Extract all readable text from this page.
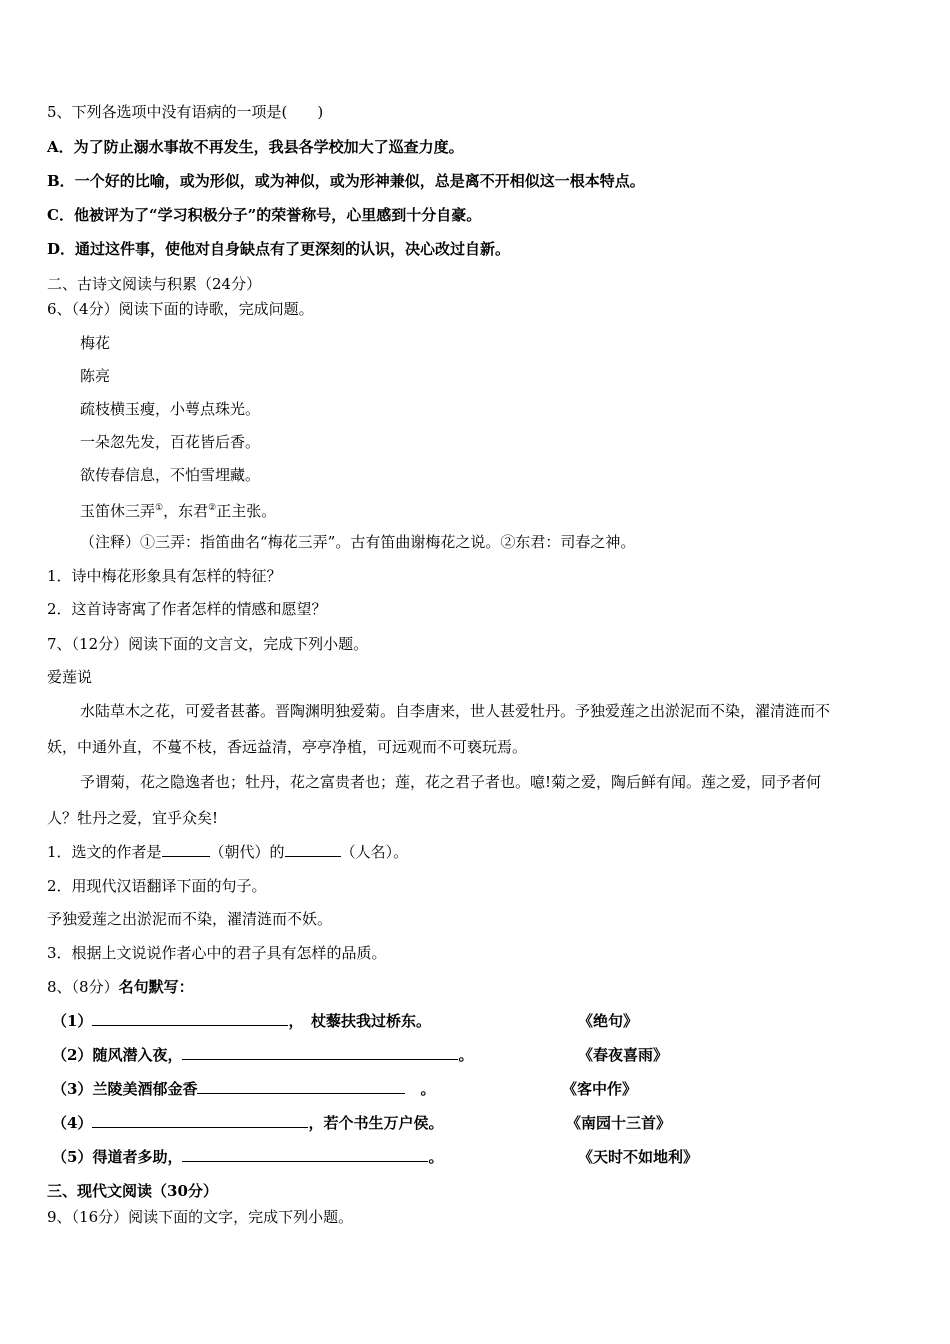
5、下列各选项中没有语病的一项是(　　)
A．为了防止溺水事故不再发生，我县各学校加大了巡查力度。
B．一个好的比喻，或为形似，或为神似，或为形神兼似，总是离不开相似这一根本特点。
C．他被评为了“学习积极分子”的荣誉称号，心里感到十分自豪。
D．通过这件事，使他对自身缺点有了更深刻的认识，决心改过自新。
二、古诗文阅读与积累（24分）
6、（4分）阅读下面的诗歌，完成问题。
梅花
陈亮
疏枝横玉瘦，小萼点珠光。
一朵忽先发，百花皆后香。
欲传春信息，不怕雪埋藏。
玉笛休三弄①，东君②正主张。
（注释）①三弄：指笛曲名“梅花三弄”。古有笛曲谢梅花之说。②东君：司春之神。
1．诗中梅花形象具有怎样的特征？
2．这首诗寄寓了作者怎样的情感和愿望？
7、（12分）阅读下面的文言文，完成下列小题。
爱莲说
水陆草木之花，可爱者甚蕃。晋陶渊明独爱菊。自李唐来，世人甚爱牡丹。予独爱莲之出淤泥而不染，濯清涟而不
妖，中通外直，不蔓不枝，香远益清，亭亭净植，可远观而不可亵玩焉。
予谓菊，花之隐逸者也；牡丹，花之富贵者也；莲，花之君子者也。噫!菊之爱，陶后鲜有闻。莲之爱，同予者何
人？牡丹之爱，宜乎众矣!
1．选文的作者是	（朝代）的	（人名）。
2．用现代汉语翻译下面的句子。
予独爱莲之出淤泥而不染，濯清涟而不妖。
3．根据上文说说作者心中的君子具有怎样的品质。
8、（8分）名句默写：
（1）	，　杖藜扶我过桥东。	《绝句》
（2）随风潜入夜，	。	《春夜喜雨》
（3）兰陵美酒郁金香	　。	《客中作》
（4）	，若个书生万户侯。	《南园十三首》
（5）得道者多助，	。	《天时不如地利》
三、现代文阅读（30分）
9、（16分）阅读下面的文字，完成下列小题。
